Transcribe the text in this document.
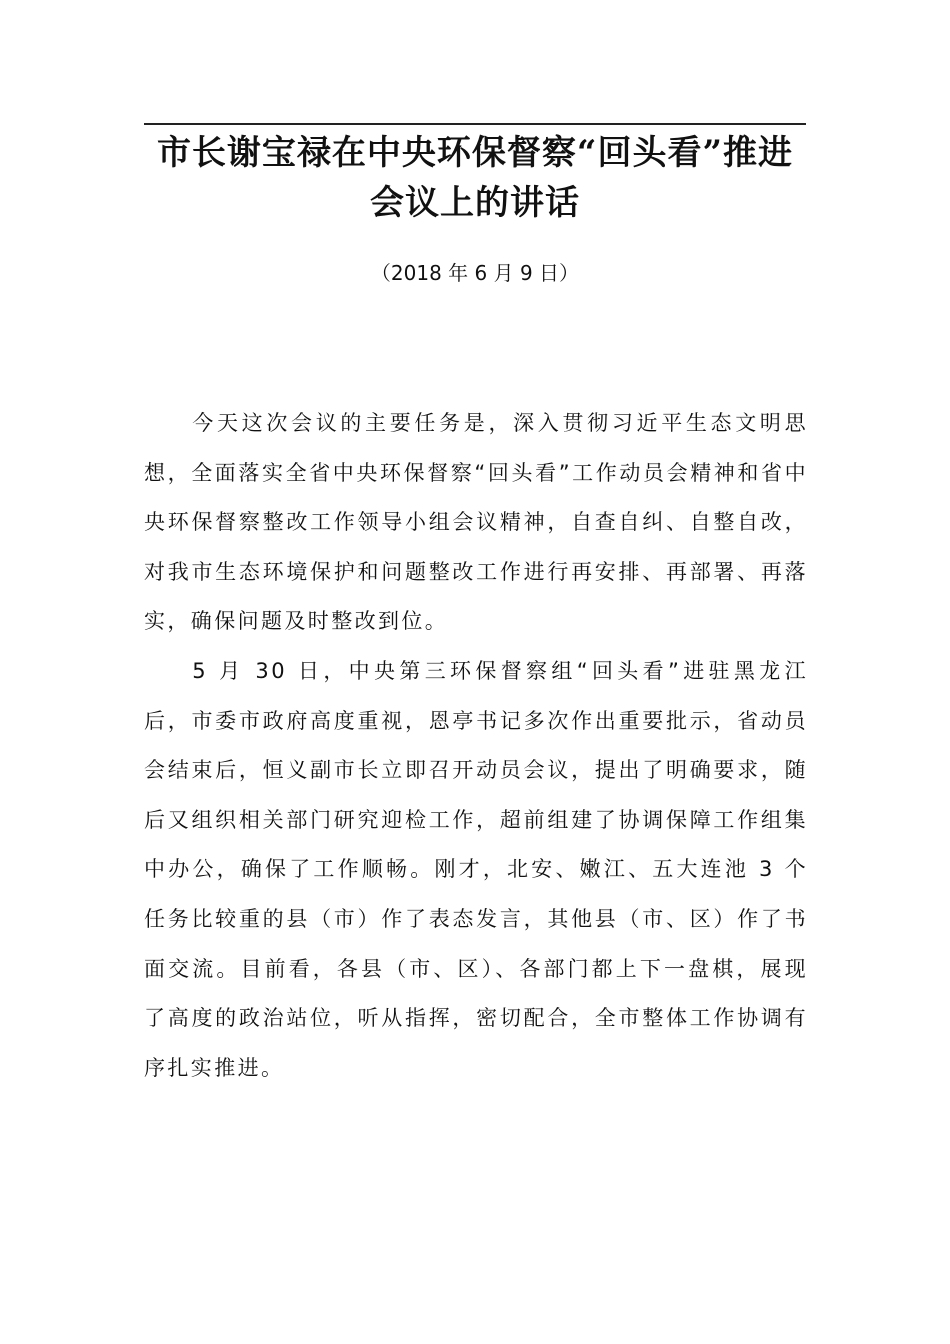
市长谢宝禄在中央环保督察“回头看”推进会议上的讲话

（2018 年 6 月 9 日）

今天这次会议的主要任务是，深入贯彻习近平生态文明思想，全面落实全省中央环保督察“回头看”工作动员会精神和省中央环保督察整改工作领导小组会议精神，自查自纠、自整自改，对我市生态环境保护和问题整改工作进行再安排、再部署、再落实，确保问题及时整改到位。

5 月 30 日，中央第三环保督察组“回头看”进驻黑龙江后，市委市政府高度重视，恩亭书记多次作出重要批示，省动员会结束后，恒义副市长立即召开动员会议，提出了明确要求，随后又组织相关部门研究迎检工作，超前组建了协调保障工作组集中办公，确保了工作顺畅。刚才，北安、嫩江、五大连池 3 个任务比较重的县（市）作了表态发言，其他县（市、区）作了书面交流。目前看，各县（市、区）、各部门都上下一盘棋，展现了高度的政治站位，听从指挥，密切配合，全市整体工作协调有序扎实推进。
